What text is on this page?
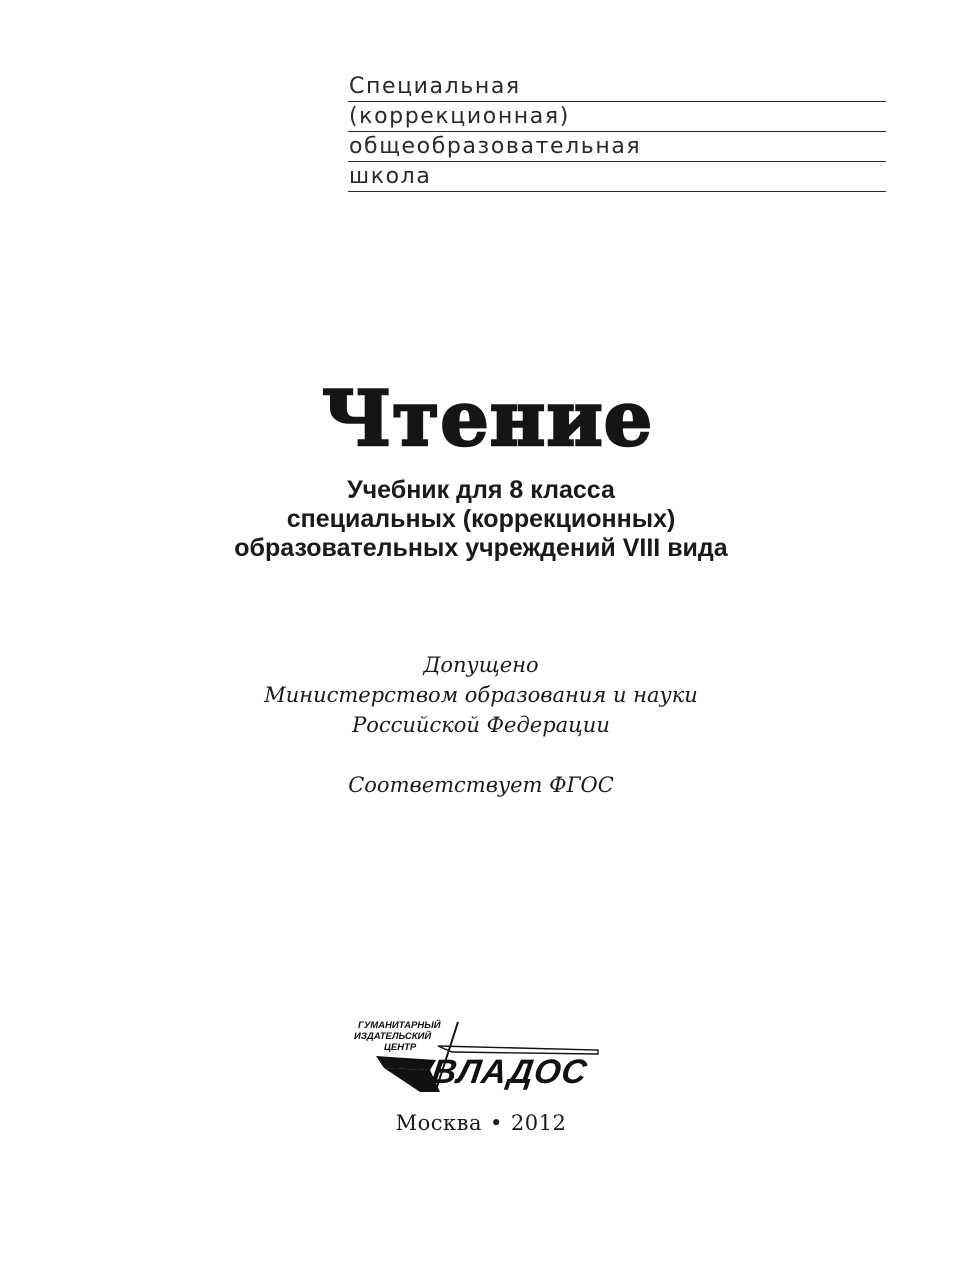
Специальная
(коррекционная)
общеобразовательная
школа
Чтение
Учебник для 8 класса
специальных (коррекционных)
образовательных учреждений VIII вида
Допущено
Министерством образования и науки
Российской Федерации
Соответствует ФГОС
ГУМАНИТАРНЫЙ
ИЗДАТЕЛЬСКИЙ
ЦЕНТР
ВЛАДОС
Москва • 2012
